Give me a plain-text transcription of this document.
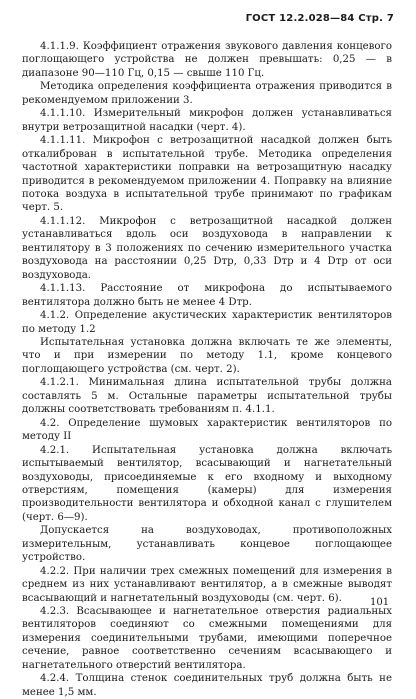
ГОСТ 12.2.028—84 Стр. 7

4.1.1.9. Коэффициент отражения звукового давления концевого поглощающего устройства не должен превышать: 0,25 — в диапазоне 90—110 Гц, 0,15 — свыше 110 Гц.

Методика определения коэффициента отражения приводится в рекомендуемом приложении 3.

4.1.1.10. Измерительный микрофон должен устанавливаться внутри ветрозащитной насадки (черт. 4).

4.1.1.11. Микрофон с ветрозащитной насадкой должен быть откалиброван в испытательной трубе. Методика определения частотной характеристики поправки на ветрозащитную насадку приводится в рекомендуемом приложении 4. Поправку на влияние потока воздуха в испытательной трубе принимают по графикам черт. 5.

4.1.1.12. Микрофон с ветрозащитной насадкой должен устанавливаться вдоль оси воздуховода в направлении к вентилятору в 3 положениях по сечению измерительного участка воздуховода на расстоянии 0,25 Dтр, 0,33 Dтр и 4 Dтр от оси воздуховода.

4.1.1.13. Расстояние от микрофона до испытываемого вентилятора должно быть не менее 4 Dтр.

4.1.2. Определение акустических характеристик вентиляторов по методу 1.2

Испытательная установка должна включать те же элементы, что и при измерении по методу 1.1, кроме концевого поглощающего устройства (см. черт. 2).

4.1.2.1. Минимальная длина испытательной трубы должна составлять 5 м. Остальные параметры испытательной трубы должны соответствовать требованиям п. 4.1.1.

4.2. Определение шумовых характеристик вентиляторов по методу II

4.2.1. Испытательная установка должна включать испытываемый вентилятор, всасывающий и нагнетательный воздуховоды, присоединяемые к его входному и выходному отверстиям, помещения (камеры) для измерения производительности вентилятора и обходной канал с глушителем (черт. 6—9).

Допускается на воздуховодах, противоположных измерительным, устанавливать концевое поглощающее устройство.

4.2.2. При наличии трех смежных помещений для измерения в среднем из них устанавливают вентилятор, а в смежные выводят всасывающий и нагнетательный воздуховоды (см. черт. 6).

4.2.3. Всасывающее и нагнетательное отверстия радиальных вентиляторов соединяют со смежными помещениями для измерения соединительными трубами, имеющими поперечное сечение, равное соответственно сечениям всасывающего и нагнетательного отверстий вентилятора.

4.2.4. Толщина стенок соединительных труб должна быть не менее 1,5 мм.

101
